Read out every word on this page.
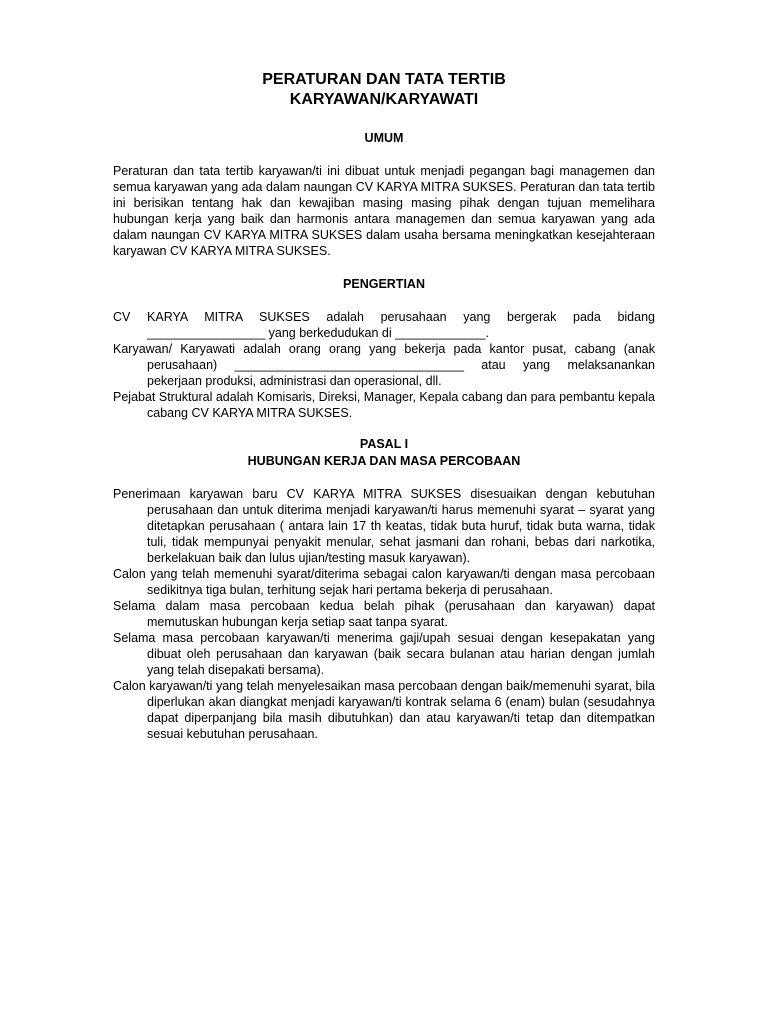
PERATURAN DAN TATA TERTIB

KARYAWAN/KARYAWATI

UMUM

Peraturan dan tata tertib karyawan/ti ini dibuat untuk menjadi pegangan bagi managemen dan semua karyawan yang ada dalam naungan CV KARYA MITRA SUKSES. Peraturan dan tata tertib ini berisikan tentang hak dan kewajiban masing masing pihak dengan tujuan memelihara hubungan kerja yang baik dan harmonis antara managemen dan semua karyawan yang ada dalam naungan CV KARYA MITRA SUKSES dalam usaha bersama meningkatkan kesejahteraan karyawan CV KARYA MITRA SUKSES.

PENGERTIAN

CV KARYA MITRA SUKSES adalah perusahaan yang bergerak pada bidang _________________ yang berkedudukan di _____________.

Karyawan/ Karyawati adalah orang orang yang bekerja pada kantor pusat, cabang (anak perusahaan) _________________________________ atau yang melaksanankan pekerjaan produksi, administrasi dan operasional, dll.

Pejabat Struktural adalah Komisaris, Direksi, Manager, Kepala cabang dan para pembantu kepala cabang CV KARYA MITRA SUKSES.

PASAL I

HUBUNGAN KERJA DAN MASA PERCOBAAN

Penerimaan karyawan baru CV KARYA MITRA SUKSES disesuaikan dengan kebutuhan perusahaan dan untuk diterima menjadi karyawan/ti harus memenuhi syarat – syarat yang ditetapkan perusahaan ( antara lain 17 th keatas, tidak buta huruf, tidak buta warna, tidak tuli, tidak mempunyai penyakit menular, sehat jasmani dan rohani, bebas dari narkotika, berkelakuan baik dan lulus ujian/testing masuk karyawan).

Calon yang telah memenuhi syarat/diterima sebagai calon karyawan/ti dengan masa percobaan sedikitnya tiga bulan, terhitung sejak hari pertama bekerja di perusahaan.

Selama dalam masa percobaan kedua belah pihak (perusahaan dan karyawan) dapat memutuskan hubungan kerja setiap saat tanpa syarat.

Selama masa percobaan karyawan/ti menerima gaji/upah sesuai dengan kesepakatan yang dibuat oleh perusahaan dan karyawan (baik secara bulanan atau harian dengan jumlah yang telah disepakati bersama).

Calon karyawan/ti yang telah menyelesaikan masa percobaan dengan baik/memenuhi syarat, bila diperlukan akan diangkat menjadi karyawan/ti kontrak selama 6 (enam) bulan (sesudahnya dapat diperpanjang bila masih dibutuhkan) dan atau karyawan/ti tetap dan ditempatkan sesuai kebutuhan perusahaan.
